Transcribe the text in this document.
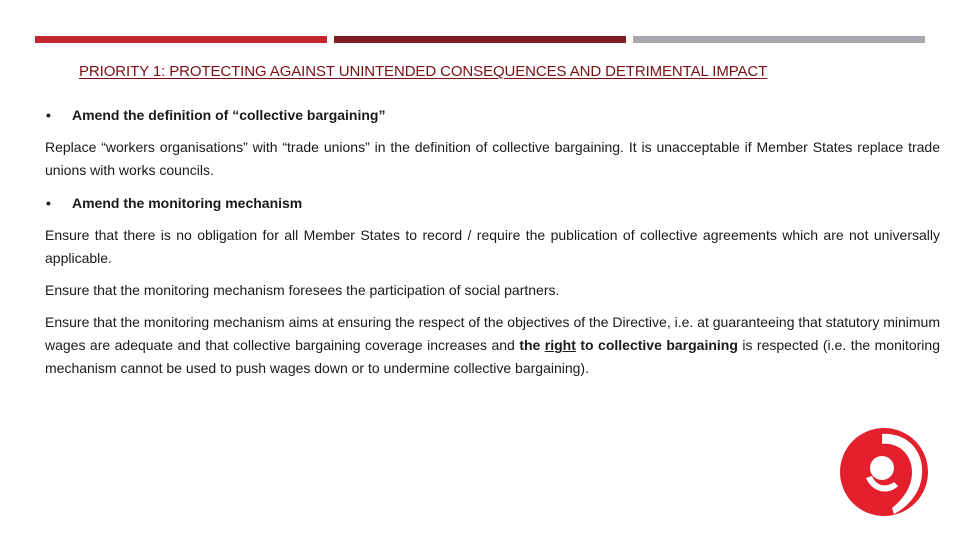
PRIORITY 1: PROTECTING AGAINST UNINTENDED CONSEQUENCES AND DETRIMENTAL IMPACT
• Amend the definition of “collective bargaining”

Replace “workers organisations” with “trade unions” in the definition of collective bargaining. It is unacceptable if Member States replace trade unions with works councils.

• Amend the monitoring mechanism

Ensure that there is no obligation for all Member States to record / require the publication of collective agreements which are not universally applicable.

Ensure that the monitoring mechanism foresees the participation of social partners.

Ensure that the monitoring mechanism aims at ensuring the respect of the objectives of the Directive, i.e. at guaranteeing that statutory minimum wages are adequate and that collective bargaining coverage increases and the right to collective bargaining is respected (i.e. the monitoring mechanism cannot be used to push wages down or to undermine collective bargaining).
